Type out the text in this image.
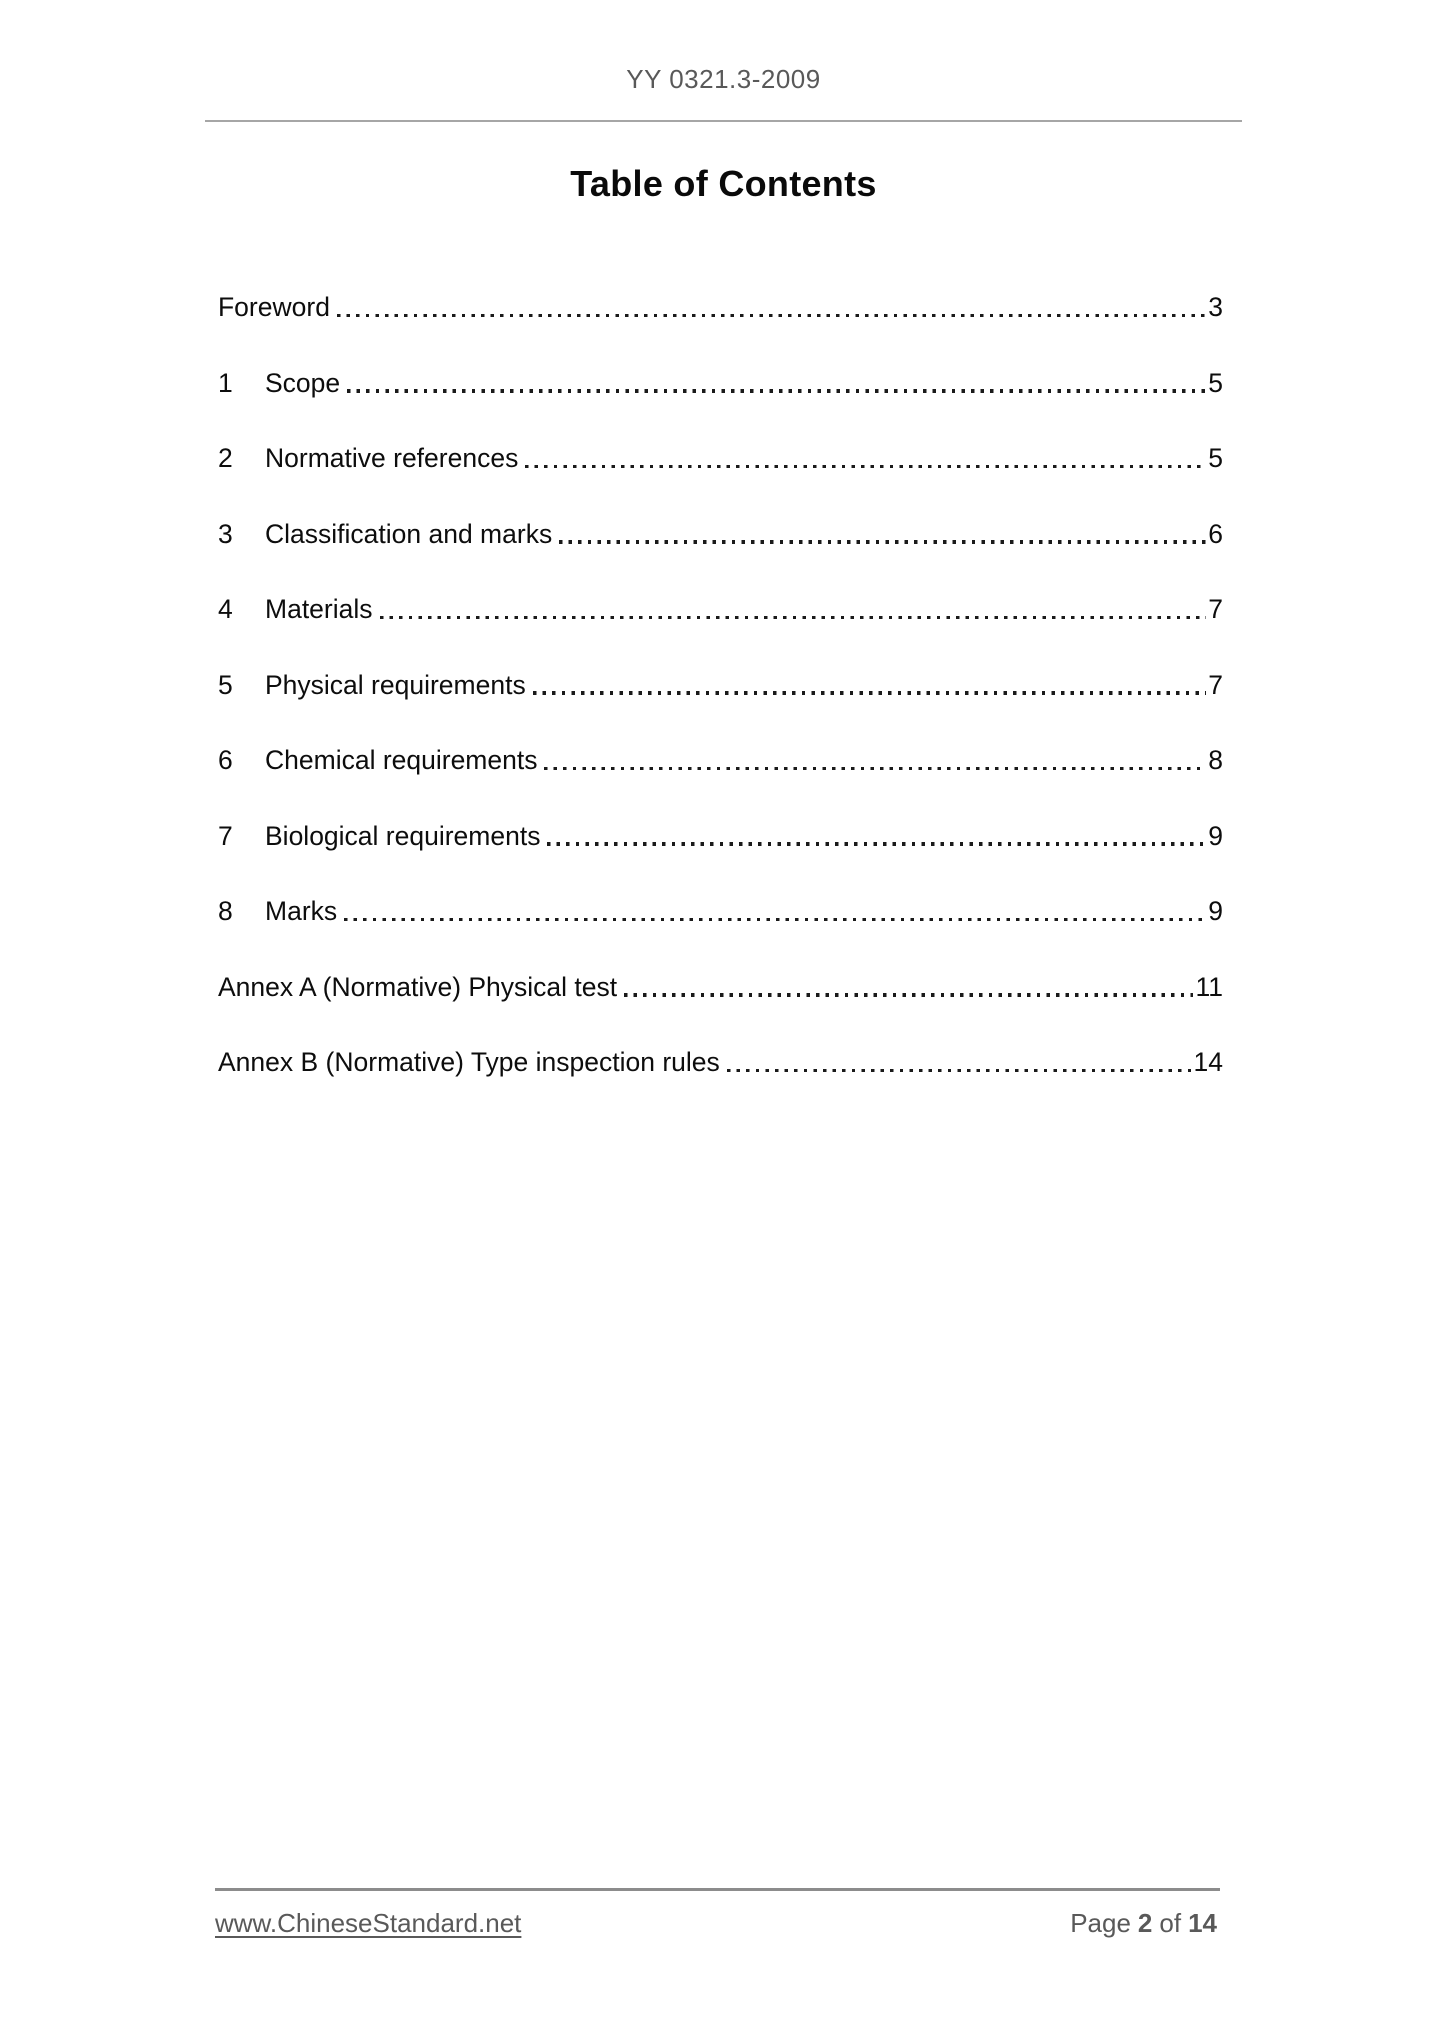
YY 0321.3-2009
Table of Contents
Foreword	3
1	Scope	5
2	Normative references	5
3	Classification and marks	6
4	Materials	7
5	Physical requirements	7
6	Chemical requirements	8
7	Biological requirements	9
8	Marks	9
Annex A (Normative) Physical test	11
Annex B (Normative) Type inspection rules	14
www.ChineseStandard.net	Page 2 of 14
